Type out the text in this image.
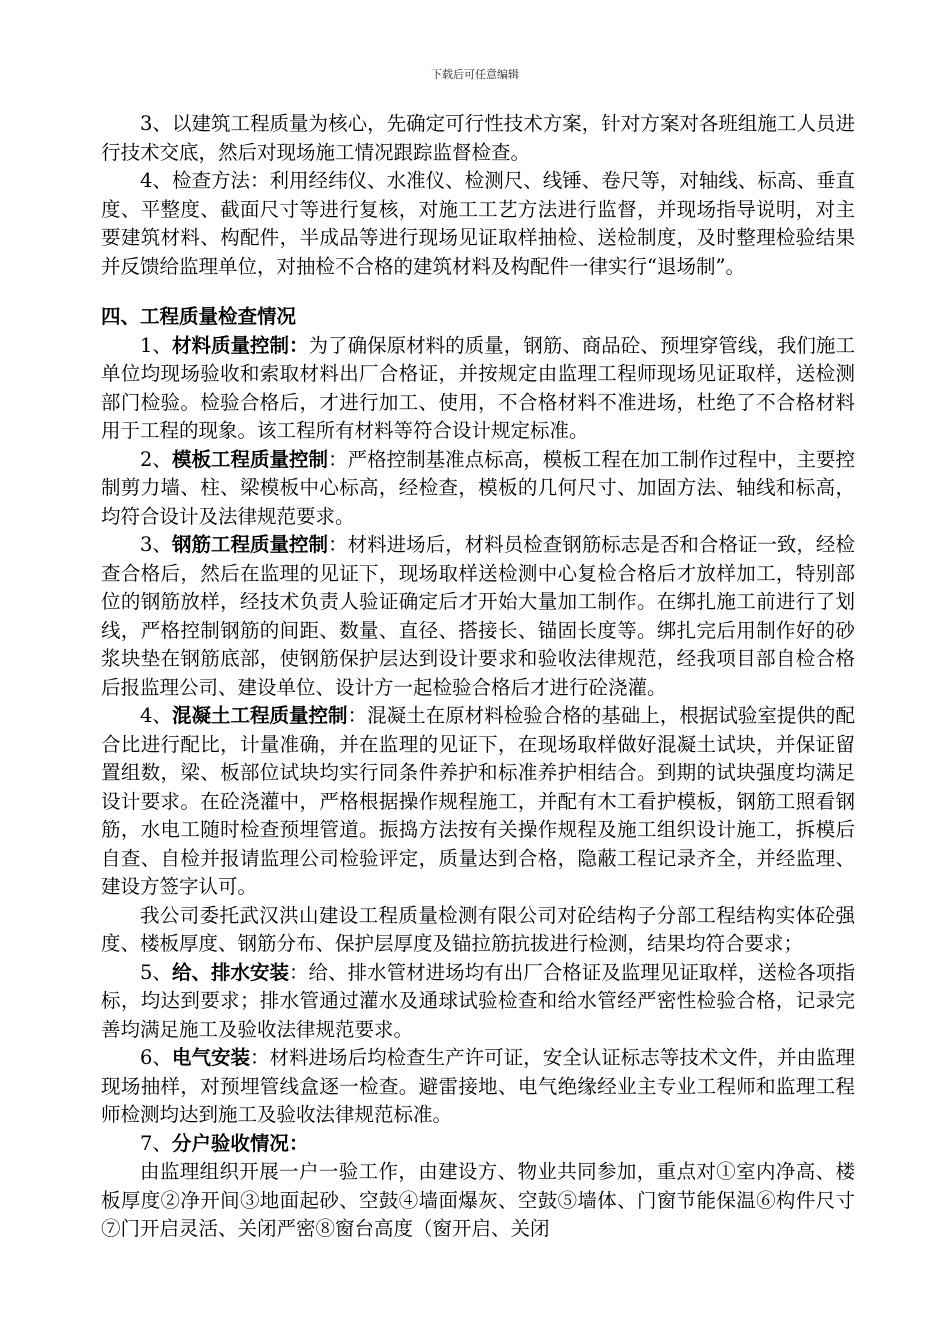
下载后可任意编辑

3、以建筑工程质量为核心，先确定可行性技术方案，针对方案对各班组施工人员进行技术交底，然后对现场施工情况跟踪监督检查。

4、检查方法：利用经纬仪、水准仪、检测尺、线锤、卷尺等，对轴线、标高、垂直度、平整度、截面尺寸等进行复核，对施工工艺方法进行监督，并现场指导说明，对主要建筑材料、构配件，半成品等进行现场见证取样抽检、送检制度，及时整理检验结果并反馈给监理单位，对抽检不合格的建筑材料及构配件一律实行“退场制”。

四、工程质量检查情况

1、材料质量控制：为了确保原材料的质量，钢筋、商品砼、预埋穿管线，我们施工单位均现场验收和索取材料出厂合格证，并按规定由监理工程师现场见证取样，送检测部门检验。检验合格后，才进行加工、使用，不合格材料不准进场，杜绝了不合格材料用于工程的现象。该工程所有材料等符合设计规定标准。

2、模板工程质量控制：严格控制基准点标高，模板工程在加工制作过程中，主要控制剪力墙、柱、梁模板中心标高，经检查，模板的几何尺寸、加固方法、轴线和标高，均符合设计及法律规范要求。

3、钢筋工程质量控制：材料进场后，材料员检查钢筋标志是否和合格证一致，经检查合格后，然后在监理的见证下，现场取样送检测中心复检合格后才放样加工，特别部位的钢筋放样，经技术负责人验证确定后才开始大量加工制作。在绑扎施工前进行了划线，严格控制钢筋的间距、数量、直径、搭接长、锚固长度等。绑扎完后用制作好的砂浆块垫在钢筋底部，使钢筋保护层达到设计要求和验收法律规范，经我项目部自检合格后报监理公司、建设单位、设计方一起检验合格后才进行砼浇灌。

4、混凝土工程质量控制：混凝土在原材料检验合格的基础上，根据试验室提供的配合比进行配比，计量准确，并在监理的见证下，在现场取样做好混凝土试块，并保证留置组数，梁、板部位试块均实行同条件养护和标准养护相结合。到期的试块强度均满足设计要求。在砼浇灌中，严格根据操作规程施工，并配有木工看护模板，钢筋工照看钢筋，水电工随时检查预埋管道。振捣方法按有关操作规程及施工组织设计施工，拆模后自查、自检并报请监理公司检验评定，质量达到合格，隐蔽工程记录齐全，并经监理、建设方签字认可。

我公司委托武汉洪山建设工程质量检测有限公司对砼结构子分部工程结构实体砼强度、楼板厚度、钢筋分布、保护层厚度及锚拉筋抗拔进行检测，结果均符合要求；

5、给、排水安装：给、排水管材进场均有出厂合格证及监理见证取样，送检各项指标，均达到要求；排水管通过灌水及通球试验检查和给水管经严密性检验合格，记录完善均满足施工及验收法律规范要求。

6、电气安装：材料进场后均检查生产许可证，安全认证标志等技术文件，并由监理现场抽样，对预埋管线盒逐一检查。避雷接地、电气绝缘经业主专业工程师和监理工程师检测均达到施工及验收法律规范标准。

7、分户验收情况：

由监理组织开展一户一验工作，由建设方、物业共同参加，重点对①室内净高、楼板厚度②净开间③地面起砂、空鼓④墙面爆灰、空鼓⑤墙体、门窗节能保温⑥构件尺寸⑦门开启灵活、关闭严密⑧窗台高度（窗开启、关闭
